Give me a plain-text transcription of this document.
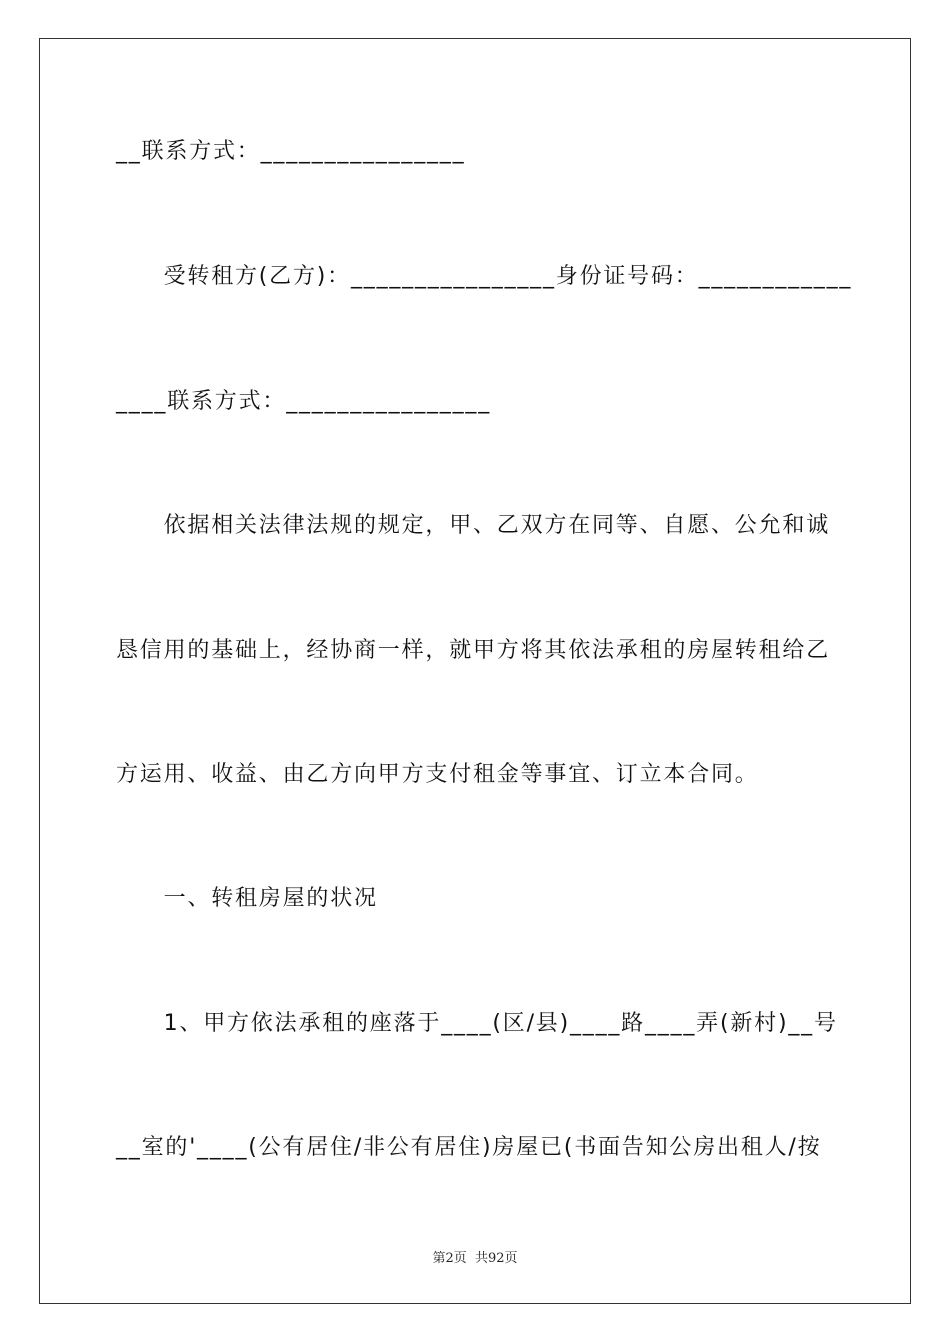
__联系方式：________________
　　受转租方(乙方)：________________身份证号码：____________
____联系方式：________________
　　依据相关法律法规的规定，甲、乙双方在同等、自愿、公允和诚
恳信用的基础上，经协商一样，就甲方将其依法承租的房屋转租给乙
方运用、收益、由乙方向甲方支付租金等事宜、订立本合同。
　　一、转租房屋的状况
　　1、甲方依法承租的座落于____(区/县)____路____弄(新村)__号
__室的'____(公有居住/非公有居住)房屋已(书面告知公房出租人/按
第2页 共92页
